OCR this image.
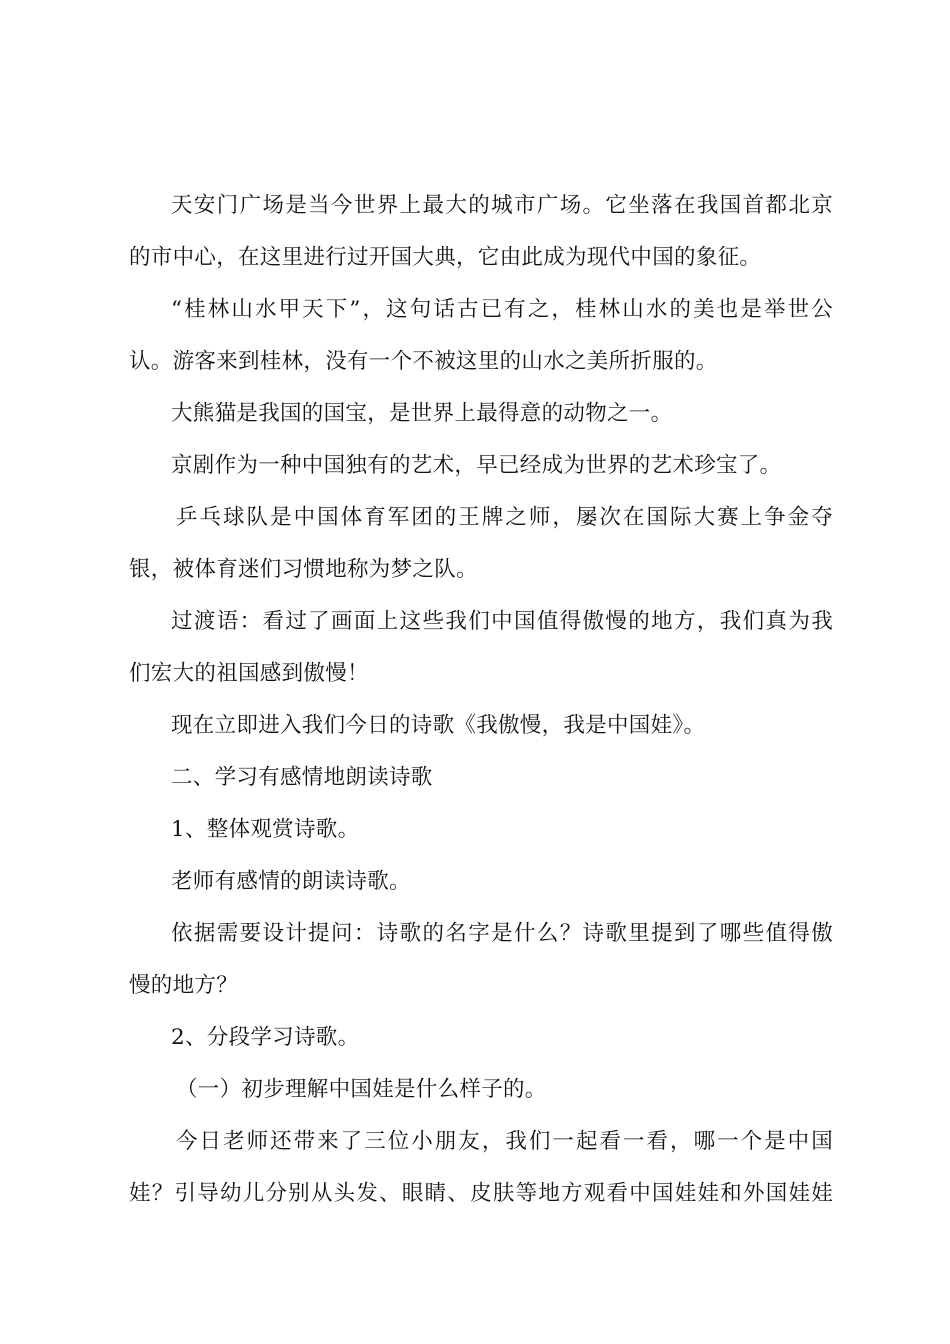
天安门广场是当今世界上最大的城市广场。它坐落在我国首都北京
的市中心，在这里进行过开国大典，它由此成为现代中国的象征。
“桂林山水甲天下”，这句话古已有之，桂林山水的美也是举世公
认。游客来到桂林，没有一个不被这里的山水之美所折服的。
大熊猫是我国的国宝，是世界上最得意的动物之一。
京剧作为一种中国独有的艺术，早已经成为世界的艺术珍宝了。
乒乓球队是中国体育军团的王牌之师，屡次在国际大赛上争金夺
银，被体育迷们习惯地称为梦之队。
过渡语：看过了画面上这些我们中国值得傲慢的地方，我们真为我
们宏大的祖国感到傲慢！
现在立即进入我们今日的诗歌《我傲慢，我是中国娃》。
二、学习有感情地朗读诗歌
1、整体观赏诗歌。
老师有感情的朗读诗歌。
依据需要设计提问：诗歌的名字是什么？诗歌里提到了哪些值得傲
慢的地方？
2、分段学习诗歌。
（一）初步理解中国娃是什么样子的。
今日老师还带来了三位小朋友，我们一起看一看，哪一个是中国
娃？引导幼儿分别从头发、眼睛、皮肤等地方观看中国娃娃和外国娃娃
